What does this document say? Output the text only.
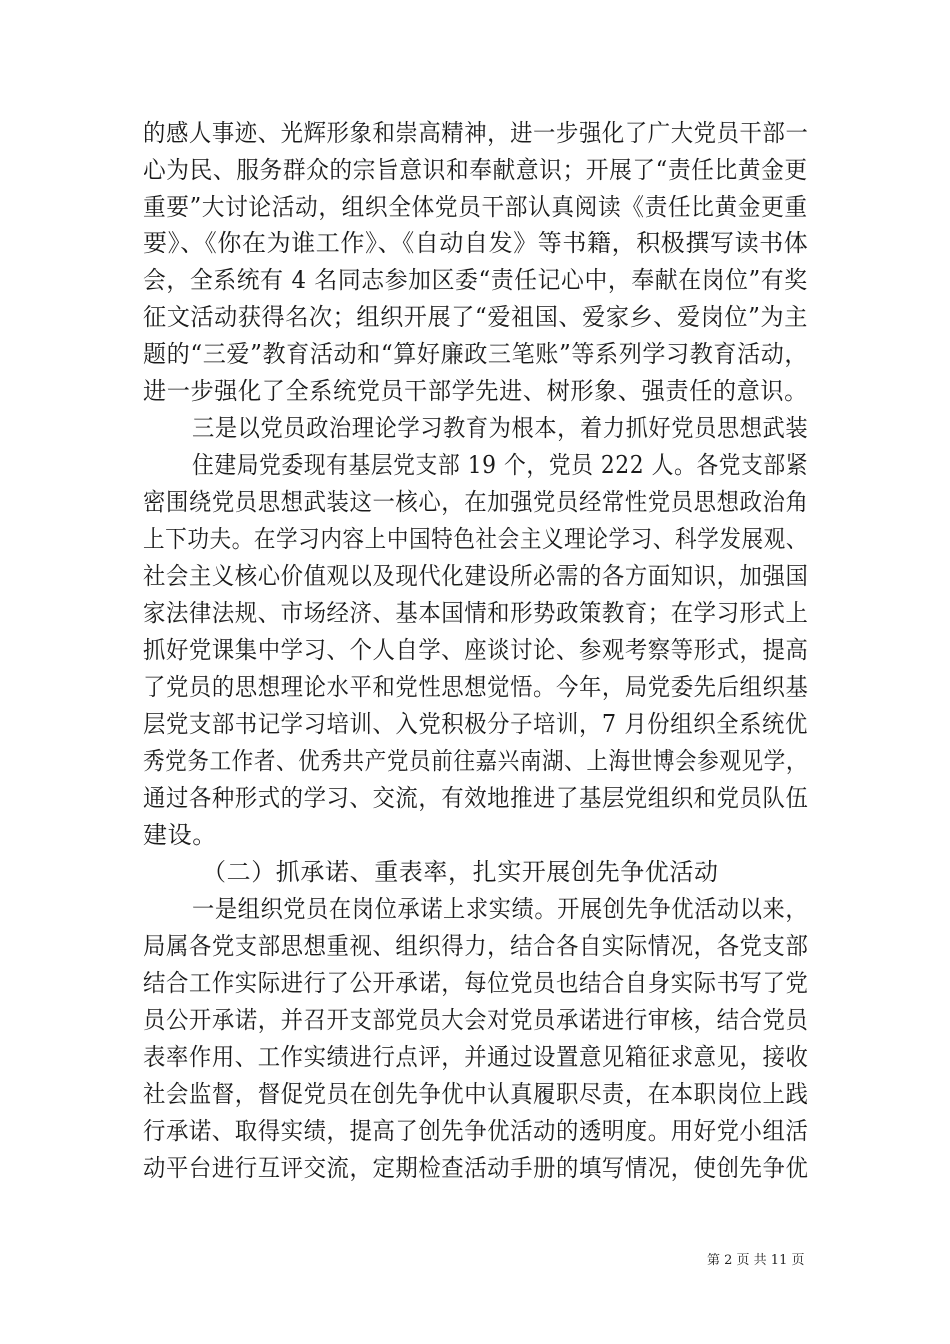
的感人事迹、光辉形象和崇高精神，进一步强化了广大党员干部一
心为民、服务群众的宗旨意识和奉献意识；开展了“责任比黄金更
重要”大讨论活动，组织全体党员干部认真阅读《责任比黄金更重
要》、《你在为谁工作》、《自动自发》等书籍，积极撰写读书体
会，全系统有 4 名同志参加区委“责任记心中，奉献在岗位”有奖
征文活动获得名次；组织开展了“爱祖国、爱家乡、爱岗位”为主
题的“三爱”教育活动和“算好廉政三笔账”等系列学习教育活动，
进一步强化了全系统党员干部学先进、树形象、强责任的意识。
三是以党员政治理论学习教育为根本，着力抓好党员思想武装
住建局党委现有基层党支部 19 个，党员 222 人。各党支部紧
密围绕党员思想武装这一核心，在加强党员经常性党员思想政治角
上下功夫。在学习内容上中国特色社会主义理论学习、科学发展观、
社会主义核心价值观以及现代化建设所必需的各方面知识，加强国
家法律法规、市场经济、基本国情和形势政策教育；在学习形式上
抓好党课集中学习、个人自学、座谈讨论、参观考察等形式，提高
了党员的思想理论水平和党性思想觉悟。今年，局党委先后组织基
层党支部书记学习培训、入党积极分子培训，7 月份组织全系统优
秀党务工作者、优秀共产党员前往嘉兴南湖、上海世博会参观见学，
通过各种形式的学习、交流，有效地推进了基层党组织和党员队伍
建设。
（二）抓承诺、重表率，扎实开展创先争优活动
一是组织党员在岗位承诺上求实绩。开展创先争优活动以来，
局属各党支部思想重视、组织得力，结合各自实际情况，各党支部
结合工作实际进行了公开承诺，每位党员也结合自身实际书写了党
员公开承诺，并召开支部党员大会对党员承诺进行审核，结合党员
表率作用、工作实绩进行点评，并通过设置意见箱征求意见，接收
社会监督，督促党员在创先争优中认真履职尽责，在本职岗位上践
行承诺、取得实绩，提高了创先争优活动的透明度。用好党小组活
动平台进行互评交流，定期检查活动手册的填写情况，使创先争优
第 2 页 共 11 页
